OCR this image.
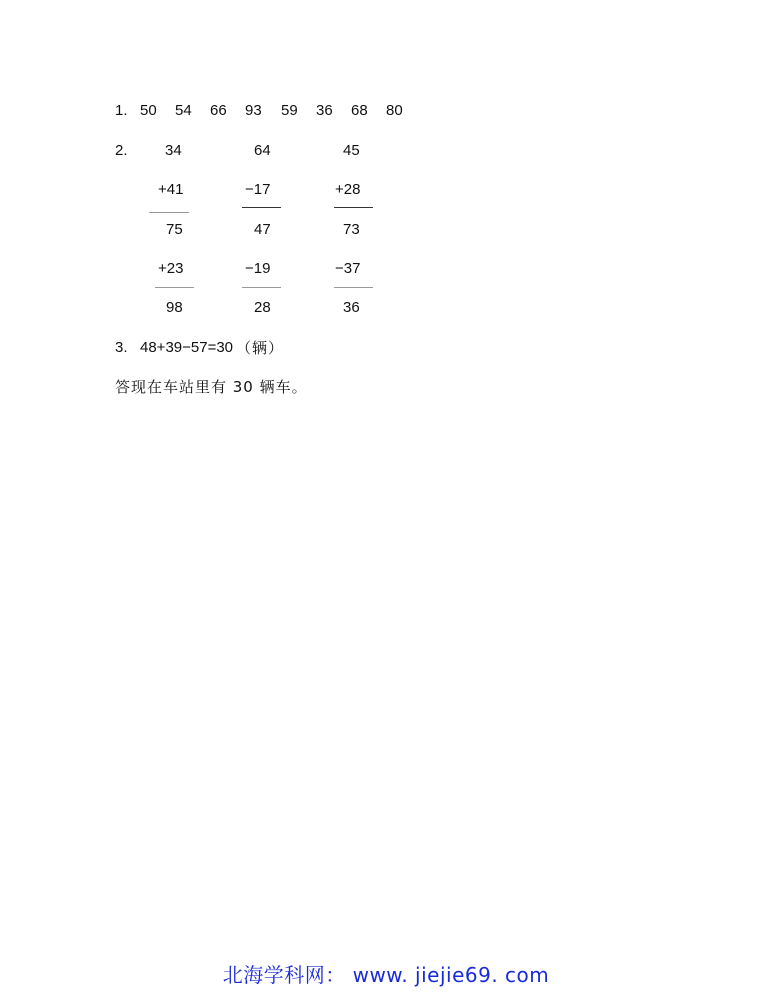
1. 50 54 66 93 59 36 68 80
2. 34	64	45
+41	−17	+28
75	47	73
+23	−19	−37
98	28	36
3. 48+39−57=30 （辆）
答现在车站里有 30 辆车。
北海学科网： www. jiejie69. com
